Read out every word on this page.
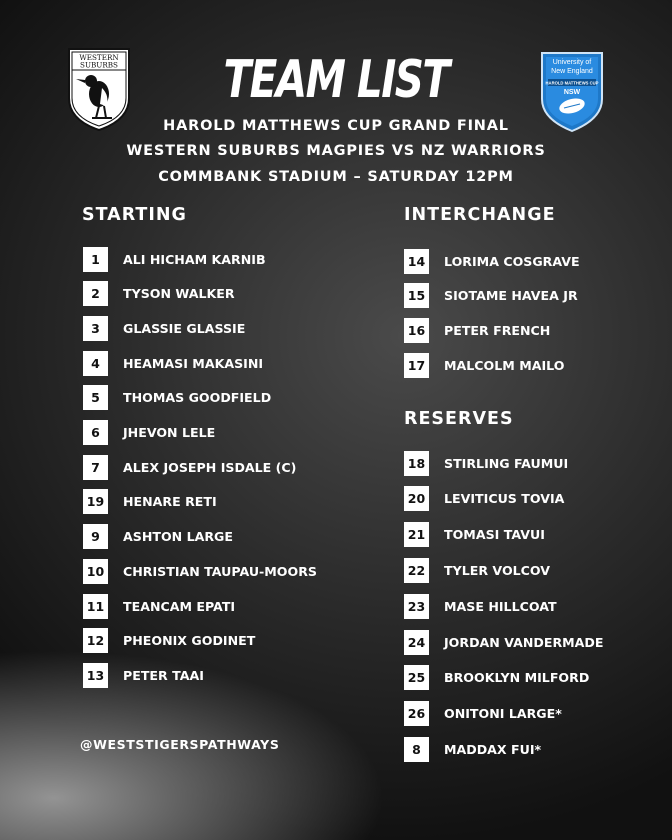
WESTERN
SUBURBS	University of
New England
HAROLD MATTHEWS CUP
NSW
TEAM LIST
HAROLD MATTHEWS CUP GRAND FINAL
WESTERN SUBURBS MAGPIES VS NZ WARRIORS
COMMBANK STADIUM – SATURDAY 12PM
STARTING	INTERCHANGE
RESERVES
1	ALI HICHAM KARNIB
2	TYSON WALKER
3	GLASSIE GLASSIE
4	HEAMASI MAKASINI
5	THOMAS GOODFIELD
6	JHEVON LELE
7	ALEX JOSEPH ISDALE (C)
19	HENARE RETI
9	ASHTON LARGE
10	CHRISTIAN TAUPAU-MOORS
11	TEANCAM EPATI
12	PHEONIX GODINET
13	PETER TAAI
14	LORIMA COSGRAVE
15	SIOTAME HAVEA JR
16	PETER FRENCH
17	MALCOLM MAILO
18	STIRLING FAUMUI
20	LEVITICUS TOVIA
21	TOMASI TAVUI
22	TYLER VOLCOV
23	MASE HILLCOAT
24	JORDAN VANDERMADE
25	BROOKLYN MILFORD
26	ONITONI LARGE*
8	MADDAX FUI*
@WESTSTIGERSPATHWAYS
